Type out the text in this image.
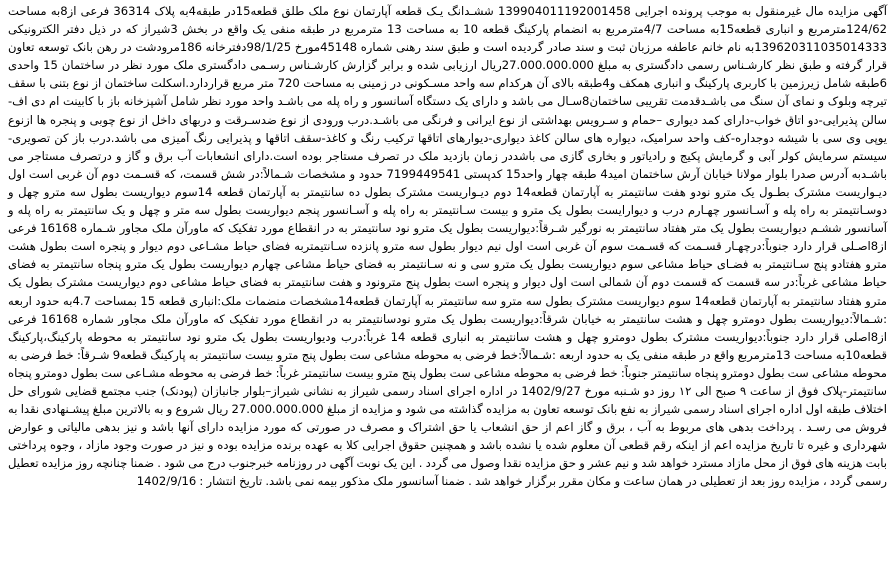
آگهی مزایده مال غیرمنقول به موجب پرونده اجرایی 139904011192001458 ششـدانگ یـک قطعه آپارتمان نوع ملک طلق قطعه15در طبقه4به پلاک 36314 فرعی از8به مساحت 124/62مترمربع و انباری قطعه15به مساحت 4/7مترمربع به انضمام پارکینگ قطعه 10 به مساحت 13 مترمربع در طبقه منفی یک واقع در بخش 3شیراز که در ذیل دفتر الکترونیکی 139620311035014333به نام خانم عاطفه مرزبان ثبت و سند صادر گردیده است و طبق سند رهنی شماره 45148مورخ 98/1/25دفترخانه 186مرودشت در رهن بانک توسعه تعاون قرار گرفته و طبق نظر کارشـناس رسمی دادگستری به مبلغ 27.000.000.000ریال ارزیابی شده و برابر گزارش کارشـناس رسـمی دادگستری ملک مورد نظر در ساختمان 15 واحدی 6طبقه شامل زیرزمین با کاربری پارکینگ و انباری همکف و4طبقه بالای آن هرکدام سه واحد مسـکونی در زمینی به مساحت 720 متر مربع قراردارد.اسکلت ساختمان از نوع بتنی با سقف تیرچه وبلوک و نمای آن سنگ می باشـدقدمت تقریبی ساختمان8سـال می باشد و دارای یک دستگاه آسانسور و راه پله می باشـد واحد مورد نظر شامل آشپزخانه باز با کابینت ام دی اف-سالن پذیرایی-دو اتاق خواب-دارای کمد دیواری –حمام و سـرویس بهداشتی از نوع ایرانی و فرنگی می باشـد.درب ورودی از نوع ضدسـرقت و دربهای داخل از نوع چوبی و پنجره ها ازنوع یوپی وی سی با شیشه دوجداره-کف واحد سرامیک، دیواره های سالن کاغذ دیواری-دیوارهای اتاقها ترکیب رنگ و کاغذ-سقف اتاقها و پذیرایی رنگ آمیزی می باشد.درب باز کن تصویری-سیستم سرمایش کولر آبی و گرمایش پکیج و رادیاتور و بخاری گازی می باشددر زمان بازدید ملک در تصرف مستاجر بوده است.دارای انشعابات آب برق و گاز و درتصرف مستاجر می باشـدبه آدرس صدرا بلوار مولانا خیابان آرش ساختمان امید4 طبقه چهار واحد15 کدپستی 7199449541 حدود و مشخصات شـمالاً:در شش قسمت، که قسـمت دوم آن غربی است اول دیـواریست مشترک بطـول یک مترو نودو هفت سانتیمتر به آپارتمان قطعه14 دوم دیـواریست مشترک بطول ده سانتیمتر به آپارتمان قطعه 14سوم دیواریست بطول سه مترو چهل و دوسـانتیمتر به راه پله و آسـانسور چهـارم درب و دیوارایست بطول یک مترو و بیست سـانتیمتر به راه پله و آسـانسور پنجم دیواریست بطول سه متر و چهل و یک سانتیمتر به راه پله و آسانسور ششـم دیواریست بطول یک متر هفتاد سانتیمتر به نورگیر شـرقاً:دیواریست بطول یک مترو نود سانتیمتر به در انقطاع مورد تفکیک که ماورآن ملک مجاور شـماره 16168 فرعی از8اصـلی قرار دارد جنوباً:درچهـار قسـمت که قسـمت سوم آن غربی است اول نیم دیوار بطول سه مترو پانزده سـانتیمتربه فضای حیاط مشـاعی دوم دیوار و پنجره است بطول هشت مترو هفتادو پنج سـانتیمتر به فضـای حیاط مشاعی سوم دیواریست بطول یک مترو سی و نه سـانتیمتر به فضای حیاط مشاعی چهارم دیواریست بطول یک مترو پنجاه سانتیمتر به فضای حیاط مشاعی غرباً:در سه قسمت که قسمت دوم آن شمالی است اول دیوار و پنجره است بطول پنج مترونود و هفت سانتیمتر به فضای حیاط مشاعی دوم دیواریست مشترک بطول یک مترو هفتاد سانتیمتر به آپارتمان قطعه14 سوم دیواریست مشترک بطول سه مترو سه سانتیمتر به آپارتمان قطعه14مشخصات منضمات ملک:انباری قطعه 15 بمساحت 4.7به حدود اربعه :شـمالاً:دیواریست بطول دومترو چهل و هشت سانتیمتر به خیابان شرقاً:دیواریست بطول یک مترو نودسانتیمتر به در انقطاع مورد تفکیک که ماورآن ملک مجاور شماره 16168 فرعی از8اصلی قرار دارد جنوباً:دیواریست مشترک بطول دومترو چهل و هشت سانتیمتر به انباری قطعه 14 غرباً:درب ودیواریست بطول یک مترو نود سانتیمتر به محوطه پارکینگ،پارکینگ قطعه10به مساحت 13مترمربع واقع در طبقه منفی یک به حدود اربعه :شـمالاً:خط فرضی به محوطه مشاعی ست بطول پنج مترو بیست سانتیمتر به پارکینگ قطعه9 شـرقاً: خط فرضی به محوطه مشاعی ست بطول دومترو پنجاه سانتیمتر جنوباً: خط فرضی به محوطه مشاعی ست بطول پنج مترو بیست سانتیمتر غرباً: خط فرضی به محوطه مشـاعی ست بطول دومترو پنجاه سانتیمتر-پلاک فوق از ساعت ۹ صبح الی ۱۲ روز دو شـنبه مورخ 1402/9/27 در اداره اجرای اسناد رسمی شیراز به نشانی شیراز–بلوار جانبازان (پودنک) جنب مجتمع قضایی شورای حل اختلاف طبقه اول اداره اجرای اسناد رسمی شیراز به نفع بانک توسعه تعاون به مزایده گذاشته می شود و مزایده از مبلغ 27.000.000.000 ریال شروع و به بالاترین مبلغ پیشـنهادی نقدا به فروش می رسـد . پرداخت بدهی های مربوط به آب ، برق و گاز اعم از حق انشعاب یا حق اشتراک و مصرف در صورتی که مورد مزایده دارای آنها باشد و نیز بدهی مالیاتی و عوارض شهرداری و غیره تا تاریخ مزایده اعم از اینکه رقم قطعی آن معلوم شده یا نشده باشد و همچنین حقوق اجرایی کلا به عهده برنده مزایده بوده و نیز در صورت وجود مازاد ، وجوه پرداختی بابت هزینه های فوق از محل مازاد مسترد خواهد شد و نیم عشر و حق مزایده نقدا وصول می گردد . این یک نوبت آگهی در روزنامه خبرجنوب درج می شود . ضمنا چنانچه روز مزایده تعطیل رسمی گردد ، مزایده روز بعد از تعطیلی در همان ساعت و مکان مقرر برگزار خواهد شد . ضمنا آسانسور ملک مذکور بیمه نمی باشد. تاریخ انتشار : 1402/9/16
